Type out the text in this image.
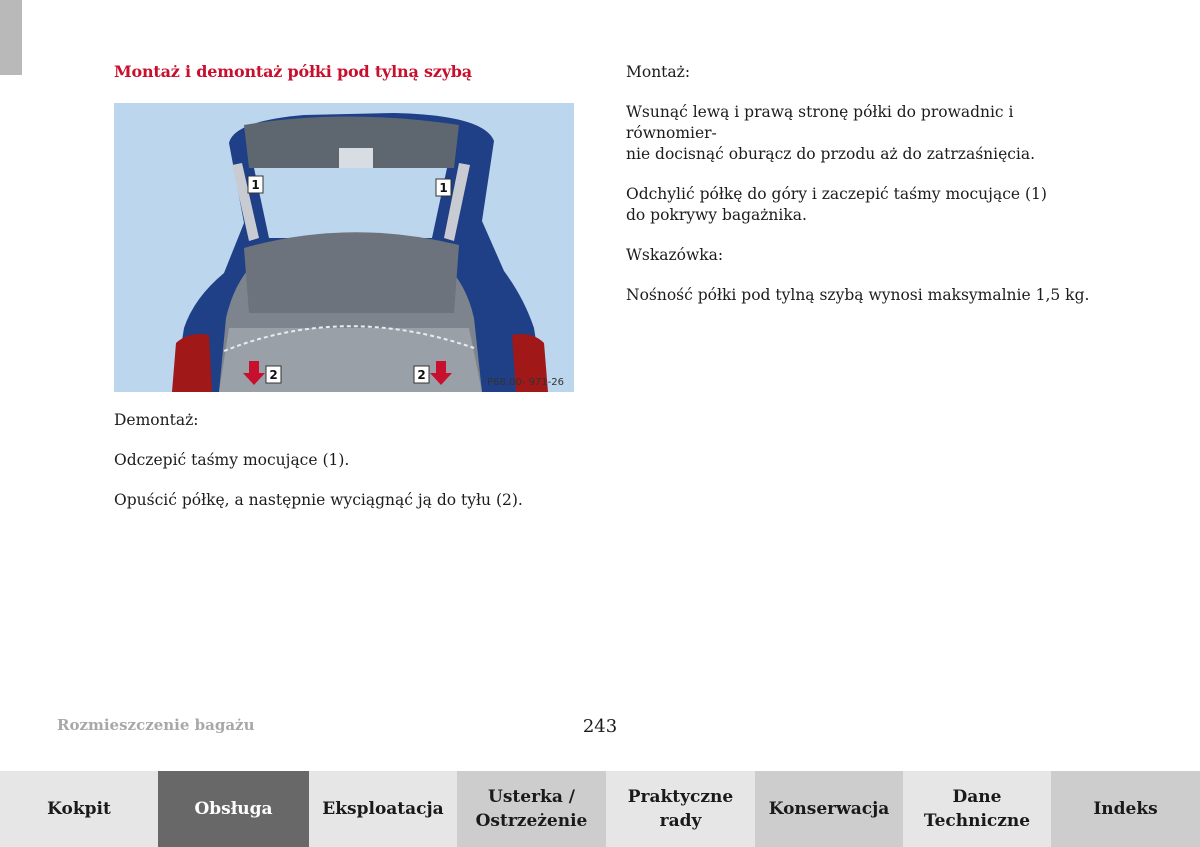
Montaż i demontaż półki pod tylną szybą
1	1
2	2
P68.00- 971-26

Demontaż:

Odczepić taśmy mocujące (1).

Opuścić półkę, a następnie wyciągnąć ją do tyłu (2).

Montaż:

Wsunąć lewą i prawą stronę półki do prowadnic i równomier-
nie docisnąć oburącz do przodu aż do zatrzaśnięcia.

Odchylić półkę do góry i zaczepić taśmy mocujące (1)
do pokrywy bagażnika.

Wskazówka:

Nośność półki pod tylną szybą wynosi maksymalnie 1,5 kg.

Rozmieszczenie bagażu	243
Kokpit	Obsługa	Eksploatacja
Usterka /
Ostrzeżenie
Praktyczne
rady
Konserwacja
Dane
Techniczne
Indeks
